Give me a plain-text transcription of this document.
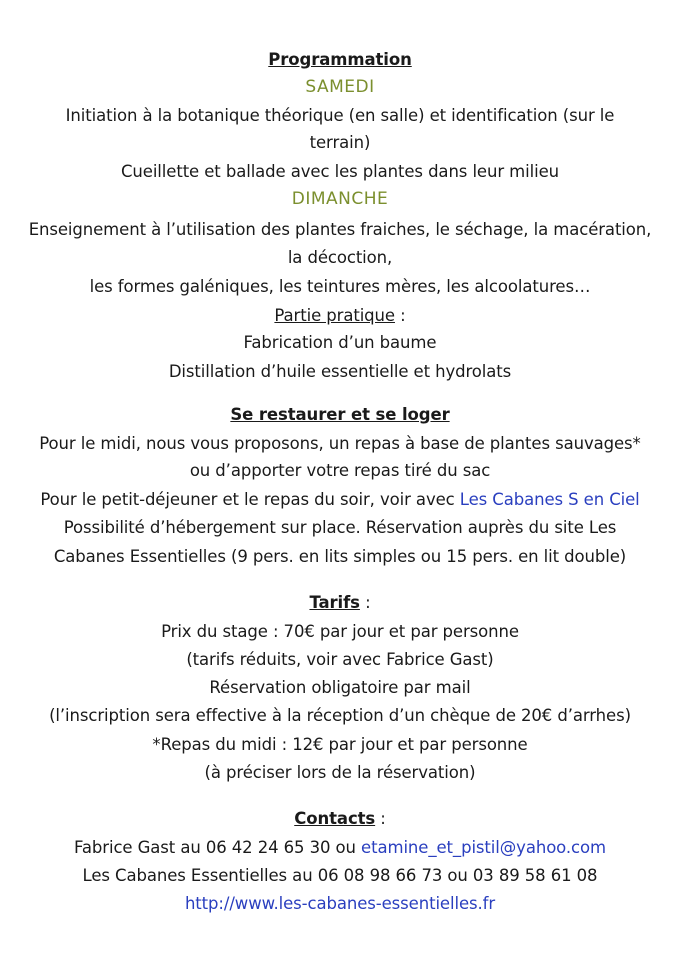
Programmation
SAMEDI
Initiation à la botanique théorique (en salle) et identification (sur le
terrain)
Cueillette et ballade avec les plantes dans leur milieu
DIMANCHE
Enseignement à l’utilisation des plantes fraiches, le séchage, la macération,
la décoction,
les formes galéniques, les teintures mères, les alcoolatures…
Partie pratique :
Fabrication d’un baume
Distillation d’huile essentielle et hydrolats
Se restaurer et se loger
Pour le midi, nous vous proposons, un repas à base de plantes sauvages*
ou d’apporter votre repas tiré du sac
Pour le petit-déjeuner et le repas du soir, voir avec Les Cabanes S en Ciel
Possibilité d’hébergement sur place. Réservation auprès du site Les
Cabanes Essentielles (9 pers. en lits simples ou 15 pers. en lit double)
Tarifs :
Prix du stage : 70€ par jour et par personne
(tarifs réduits, voir avec Fabrice Gast)
Réservation obligatoire par mail
(l’inscription sera effective à la réception d’un chèque de 20€ d’arrhes)
*Repas du midi : 12€ par jour et par personne
(à préciser lors de la réservation)
Contacts :
Fabrice Gast au 06 42 24 65 30 ou etamine_et_pistil@yahoo.com
Les Cabanes Essentielles au 06 08 98 66 73 ou 03 89 58 61 08
http://www.les-cabanes-essentielles.fr
